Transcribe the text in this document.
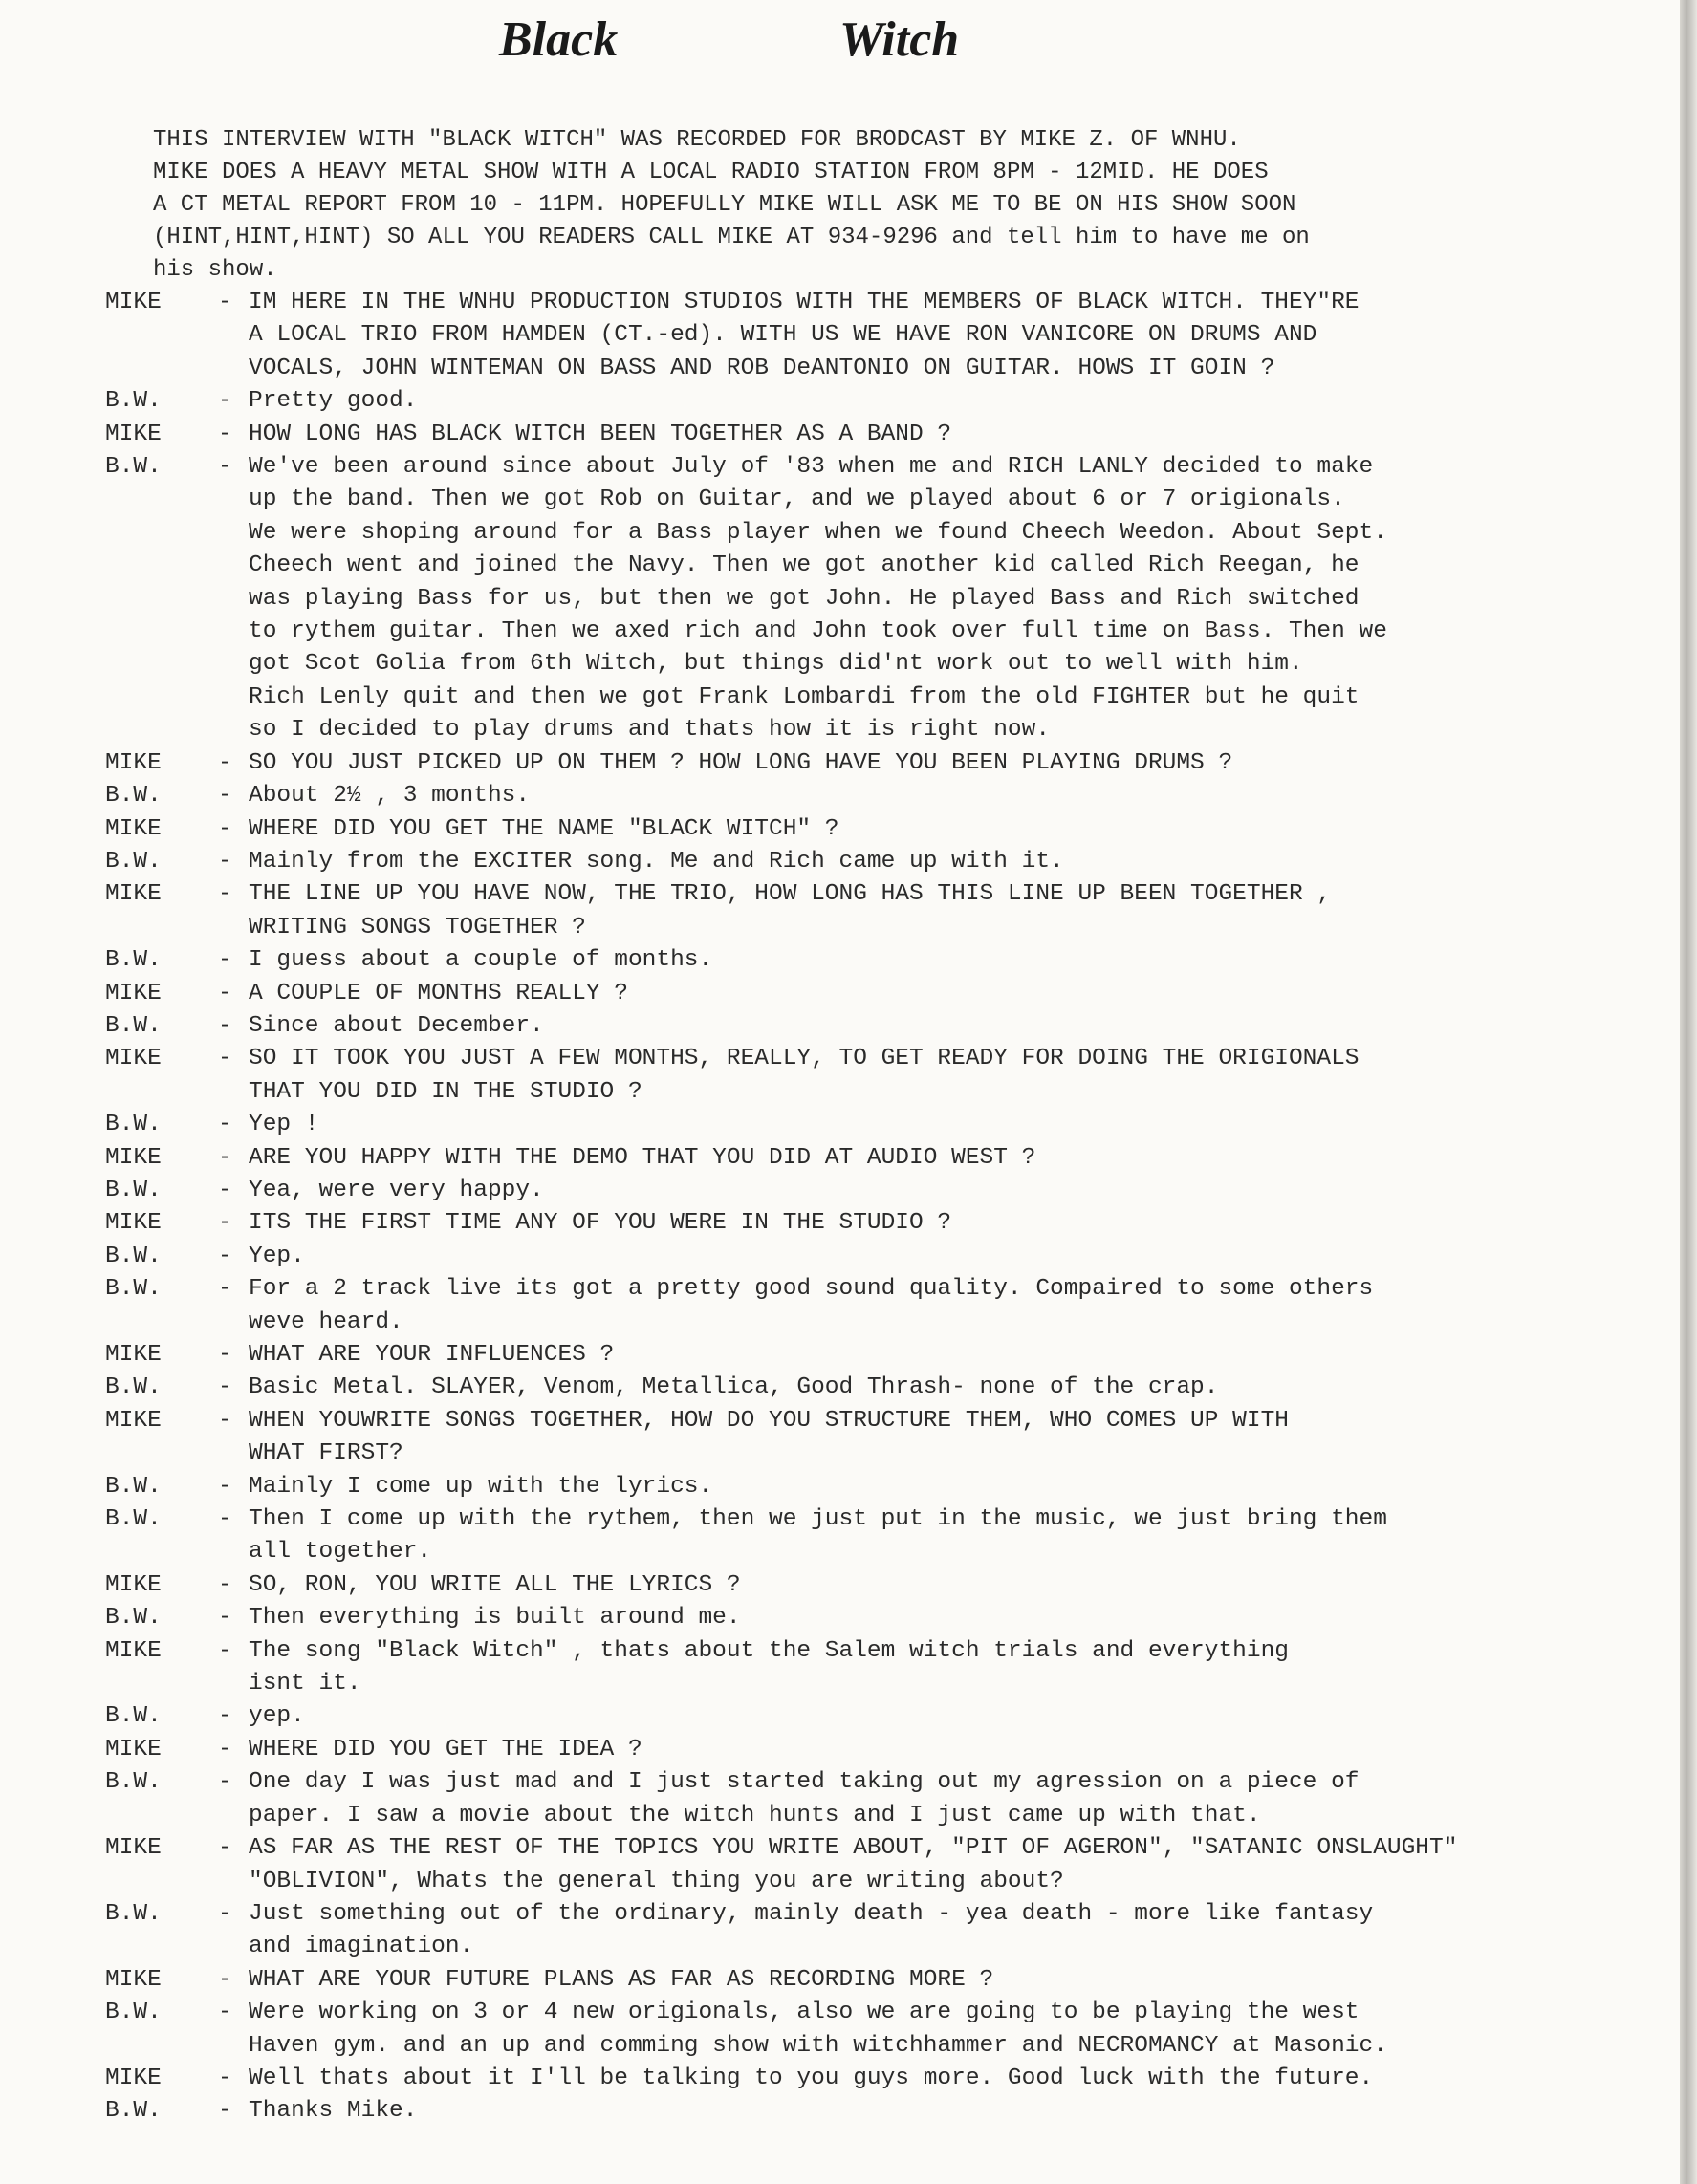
Black	Witch
THIS INTERVIEW WITH "BLACK WITCH" WAS RECORDED FOR BRODCAST BY MIKE Z. OF WNHU.
MIKE DOES A HEAVY METAL SHOW WITH A LOCAL RADIO STATION FROM 8PM - 12MID. HE DOES
A CT METAL REPORT FROM 10 - 11PM. HOPEFULLY MIKE WILL ASK ME TO BE ON HIS SHOW SOON
(HINT,HINT,HINT) SO ALL YOU READERS CALL MIKE AT 934-9296 and tell him to have me on
his show.
MIKE	- IM HERE IN THE WNHU PRODUCTION STUDIOS WITH THE MEMBERS OF BLACK WITCH. THEY"RE
A LOCAL TRIO FROM HAMDEN (CT.-ed). WITH US WE HAVE RON VANICORE ON DRUMS AND
VOCALS, JOHN WINTEMAN ON BASS AND ROB DeANTONIO ON GUITAR. HOWS IT GOIN ?
B.W.	- Pretty good.
MIKE	- HOW LONG HAS BLACK WITCH BEEN TOGETHER AS A BAND ?
B.W.	- We've been around since about July of '83 when me and RICH LANLY decided to make
up the band. Then we got Rob on Guitar, and we played about 6 or 7 origionals.
We were shoping around for a Bass player when we found Cheech Weedon. About Sept.
Cheech went and joined the Navy. Then we got another kid called Rich Reegan, he
was playing Bass for us, but then we got John. He played Bass and Rich switched
to rythem guitar. Then we axed rich and John took over full time on Bass. Then we
got Scot Golia from 6th Witch, but things did'nt work out to well with him.
Rich Lenly quit and then we got Frank Lombardi from the old FIGHTER but he quit
so I decided to play drums and thats how it is right now.
MIKE	- SO YOU JUST PICKED UP ON THEM ? HOW LONG HAVE YOU BEEN PLAYING DRUMS ?
B.W.	- About 2½ , 3 months.
MIKE	- WHERE DID YOU GET THE NAME "BLACK WITCH" ?
B.W.	- Mainly from the EXCITER song. Me and Rich came up with it.
MIKE	- THE LINE UP YOU HAVE NOW, THE TRIO, HOW LONG HAS THIS LINE UP BEEN TOGETHER ,
WRITING SONGS TOGETHER ?
B.W.	- I guess about a couple of months.
MIKE	- A COUPLE OF MONTHS REALLY ?
B.W.	- Since about December.
MIKE	- SO IT TOOK YOU JUST A FEW MONTHS, REALLY, TO GET READY FOR DOING THE ORIGIONALS
THAT YOU DID IN THE STUDIO ?
B.W.	- Yep !
MIKE	- ARE YOU HAPPY WITH THE DEMO THAT YOU DID AT AUDIO WEST ?
B.W.	- Yea, were very happy.
MIKE	- ITS THE FIRST TIME ANY OF YOU WERE IN THE STUDIO ?
B.W.	- Yep.
B.W.	- For a 2 track live its got a pretty good sound quality. Compaired to some others
weve heard.
MIKE	- WHAT ARE YOUR INFLUENCES ?
B.W.	- Basic Metal. SLAYER, Venom, Metallica, Good Thrash- none of the crap.
MIKE	- WHEN YOUWRITE SONGS TOGETHER, HOW DO YOU STRUCTURE THEM, WHO COMES UP WITH
WHAT FIRST?
B.W.	- Mainly I come up with the lyrics.
B.W.	- Then I come up with the rythem, then we just put in the music, we just bring them
all together.
MIKE	- SO, RON, YOU WRITE ALL THE LYRICS ?
B.W.	- Then everything is built around me.
MIKE	- The song "Black Witch" , thats about the Salem witch trials and everything
isnt it.
B.W.	- yep.
MIKE	- WHERE DID YOU GET THE IDEA ?
B.W.	- One day I was just mad and I just started taking out my agression on a piece of
paper. I saw a movie about the witch hunts and I just came up with that.
MIKE	- AS FAR AS THE REST OF THE TOPICS YOU WRITE ABOUT, "PIT OF AGERON", "SATANIC ONSLAUGHT"
"OBLIVION", Whats the general thing you are writing about?
B.W.	- Just something out of the ordinary, mainly death - yea death - more like fantasy
and imagination.
MIKE	- WHAT ARE YOUR FUTURE PLANS AS FAR AS RECORDING MORE ?
B.W.	- Were working on 3 or 4 new origionals, also we are going to be playing the west
Haven gym. and an up and comming show with witchhammer and NECROMANCY at Masonic.
MIKE	- Well thats about it I'll be talking to you guys more. Good luck with the future.
B.W.	- Thanks Mike.
